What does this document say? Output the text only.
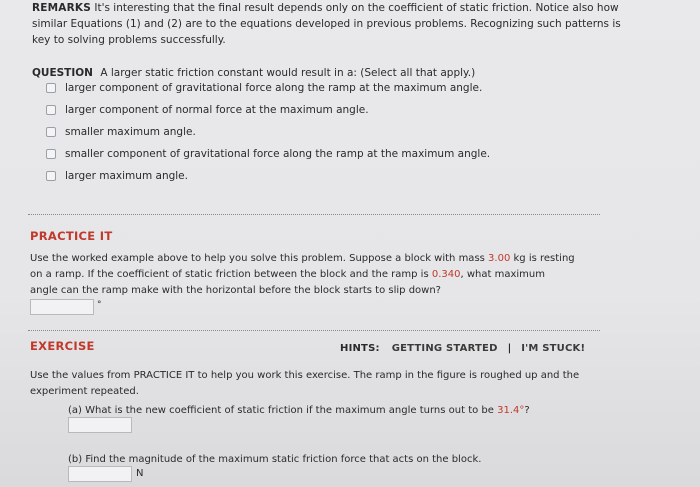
REMARKS It's interesting that the final result depends only on the coefficient of static friction. Notice also how similar Equations (1) and (2) are to the equations developed in previous problems. Recognizing such patterns is key to solving problems successfully.
QUESTION A larger static friction constant would result in a: (Select all that apply.)
larger component of gravitational force along the ramp at the maximum angle.
larger component of normal force at the maximum angle.
smaller maximum angle.
smaller component of gravitational force along the ramp at the maximum angle.
larger maximum angle.
PRACTICE IT
Use the worked example above to help you solve this problem. Suppose a block with mass 3.00 kg is resting on a ramp. If the coefficient of static friction between the block and the ramp is 0.340, what maximum angle can the ramp make with the horizontal before the block starts to slip down?
°
EXERCISE	HINTS: GETTING STARTED | I'M STUCK!
Use the values from PRACTICE IT to help you work this exercise. The ramp in the figure is roughed up and the experiment repeated.
(a) What is the new coefficient of static friction if the maximum angle turns out to be 31.4°?
(b) Find the magnitude of the maximum static friction force that acts on the block.
N
